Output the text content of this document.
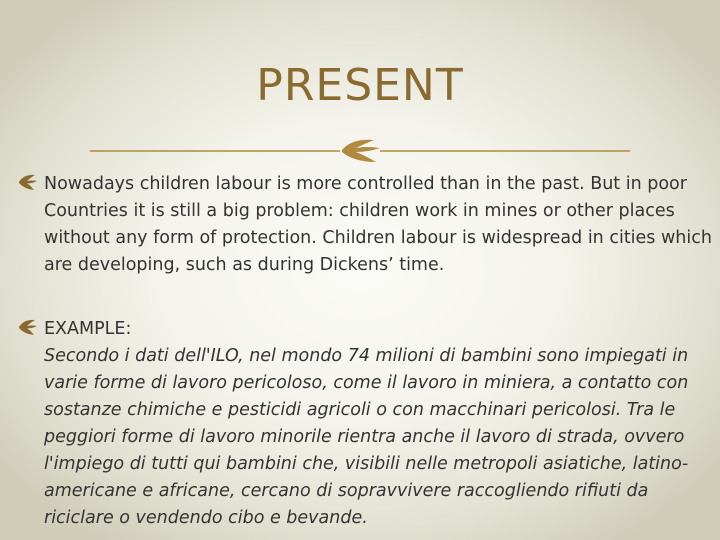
PRESENT
Nowadays children labour is more controlled than in the past. But in poor Countries it is still a big problem: children work in mines or other places without any form of protection. Children labour is widespread in cities which are developing, such as during Dickens’ time.
EXAMPLE:
Secondo i dati dell'ILO, nel mondo 74 milioni di bambini sono impiegati in varie forme di lavoro pericoloso, come il lavoro in miniera, a contatto con sostanze chimiche e pesticidi agricoli o con macchinari pericolosi. Tra le peggiori forme di lavoro minorile rientra anche il lavoro di strada, ovvero l'impiego di tutti qui bambini che, visibili nelle metropoli asiatiche, latino-americane e africane, cercano di sopravvivere raccogliendo rifiuti da riciclare o vendendo cibo e bevande.
